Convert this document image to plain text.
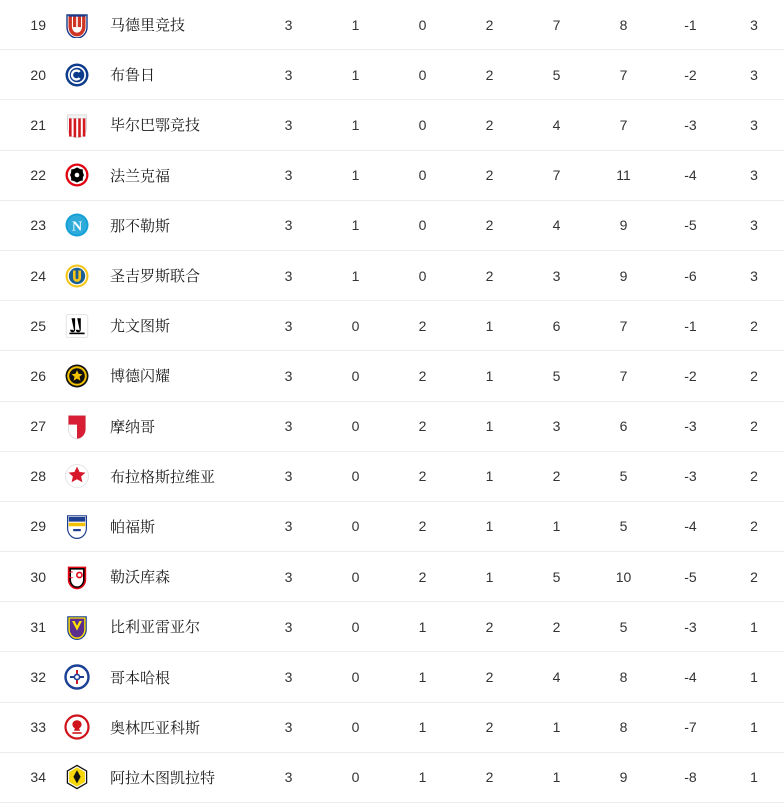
19	马德里竞技	3	1	0	2	7	8	-1	3
20	布鲁日	3	1	0	2	5	7	-2	3
21	毕尔巴鄂竞技	3	1	0	2	4	7	-3	3
22	法兰克福	3	1	0	2	7	11	-4	3
23 N 那不勒斯	3	1	0	2	4	9	-5	3
24	圣吉罗斯联合	3	1	0	2	3	9	-6	3
25	尤文图斯	3	0	2	1	6	7	-1	2
26	博德闪耀	3	0	2	1	5	7	-2	2
27	摩纳哥	3	0	2	1	3	6	-3	2
28	布拉格斯拉维亚	3	0	2	1	2	5	-3	2
29	帕福斯	3	0	2	1	1	5	-4	2
30	勒沃库森	3	0	2	1	5	10	-5	2
31	比利亚雷亚尔	3	0	1	2	2	5	-3	1
32	哥本哈根	3	0	1	2	4	8	-4	1
33	奥林匹亚科斯	3	0	1	2	1	8	-7	1
34	阿拉木图凯拉特	3	0	1	2	1	9	-8	1
